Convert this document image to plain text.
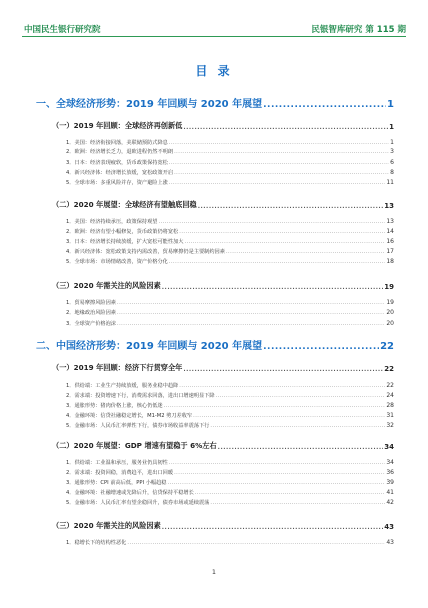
中国民生银行研究院	民银智库研究 第 115 期
目 录
一、全球经济形势：2019 年回顾与 2020 年展望 .....	1
（一）2019 年回顾：全球经济再创新低 .....	1
1．美国：经济衔接回落，美联储预防式降息 .....	1
2．欧洲：经济增长乏力，退欧进程仍然不明朗 .....	3
3．日本：经济表现疲软，货币政策保持宽松 .....	6
4．新兴经济体：经济增长放缓，宽松政策开启 .....	8
5．全球市场：多重风险并存，资产避险上涨 .....	11
（二）2020 年展望：全球经济有望触底回稳 .....	13
1．美国：经济持续承压，政策保持观望 .....	13
2．欧洲：经济有望小幅修复，货币政策仍将宽松 .....	14
3．日本：经济增长持续放缓，扩大宽松可能性加大 .....	16
4．新兴经济体：宽松政策支持内需改善，贸易摩擦仍是主要制约因素 .....	17
5．全球市场：市场情绪改善，资产价格分化 .....	18
（三）2020 年需关注的风险因素 .....	19
1．贸易摩擦风险因素 .....	19
2．地缘政治风险因素 .....	20
3．全球资产价格泡沫 .....	20
二、中国经济形势：2019 年回顾与 2020 年展望 .....	22
（一）2019 年回顾：经济下行贯穿全年 .....	22
1．供给端：工业生产持续放缓，服务业稳中趋降 .....	22
2．需求端：投资增速下行，消费需求回落，进出口增速明显下降 .....	24
3．通胀形势：猪肉价格上涨，核心仍低迷 .....	28
4．金融环境：信贷社融稳定增长，M1-M2 剪刀差收窄 .....	31
5．金融市场：人民币汇率弹性下行，债券市场收益率震荡下行 .....	32
（二）2020 年展望：GDP 增速有望稳于 6%左右 .....	34
1．供给端：工业温和承压，服务业仍具韧性 .....	34
2．需求端：投资回稳，消费趋平，进出口回暖 .....	36
3．通胀形势：CPI 前高后低，PPI 小幅趋稳 .....	39
4．金融环境：社融增速或先降后升，信贷保持平稳增长 .....	41
5．金融市场：人民币汇率有望企稳回升，债券市场或延续震荡 .....	42
（三）2020 年需关注的风险因素 .....	43
1．稳增长下的结构性恶化 .....	43
1
